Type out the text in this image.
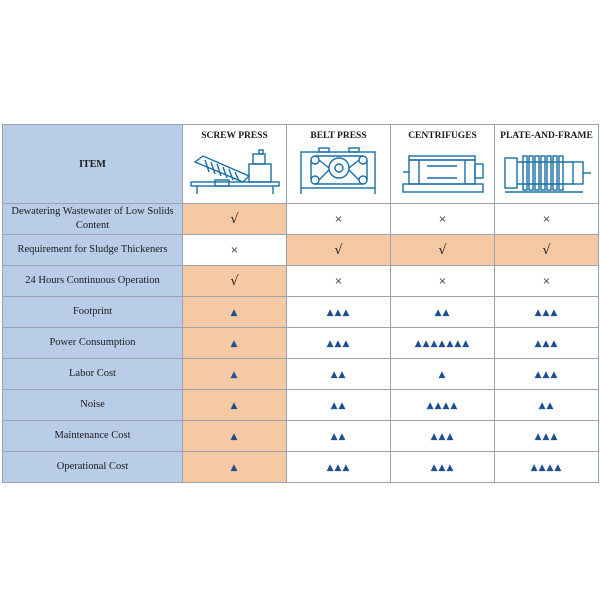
ITEM	SCREW PRESS	BELT PRESS	CENTRIFUGES	PLATE-AND-FRAME

Dewatering Wastewater of Low Solids Content	√	×	×	×
Requirement for Sludge Thickeners	×	√	√	√
24 Hours Continuous Operation	√	×	×	×
Footprint	▲	▲▲▲	▲▲	▲▲▲
Power Consumption	▲	▲▲▲	▲▲▲▲▲▲▲	▲▲▲
Labor Cost	▲	▲▲	▲	▲▲▲
Noise	▲	▲▲	▲▲▲▲	▲▲
Maintenance Cost	▲	▲▲	▲▲▲	▲▲▲
Operational Cost	▲	▲▲▲	▲▲▲	▲▲▲▲
